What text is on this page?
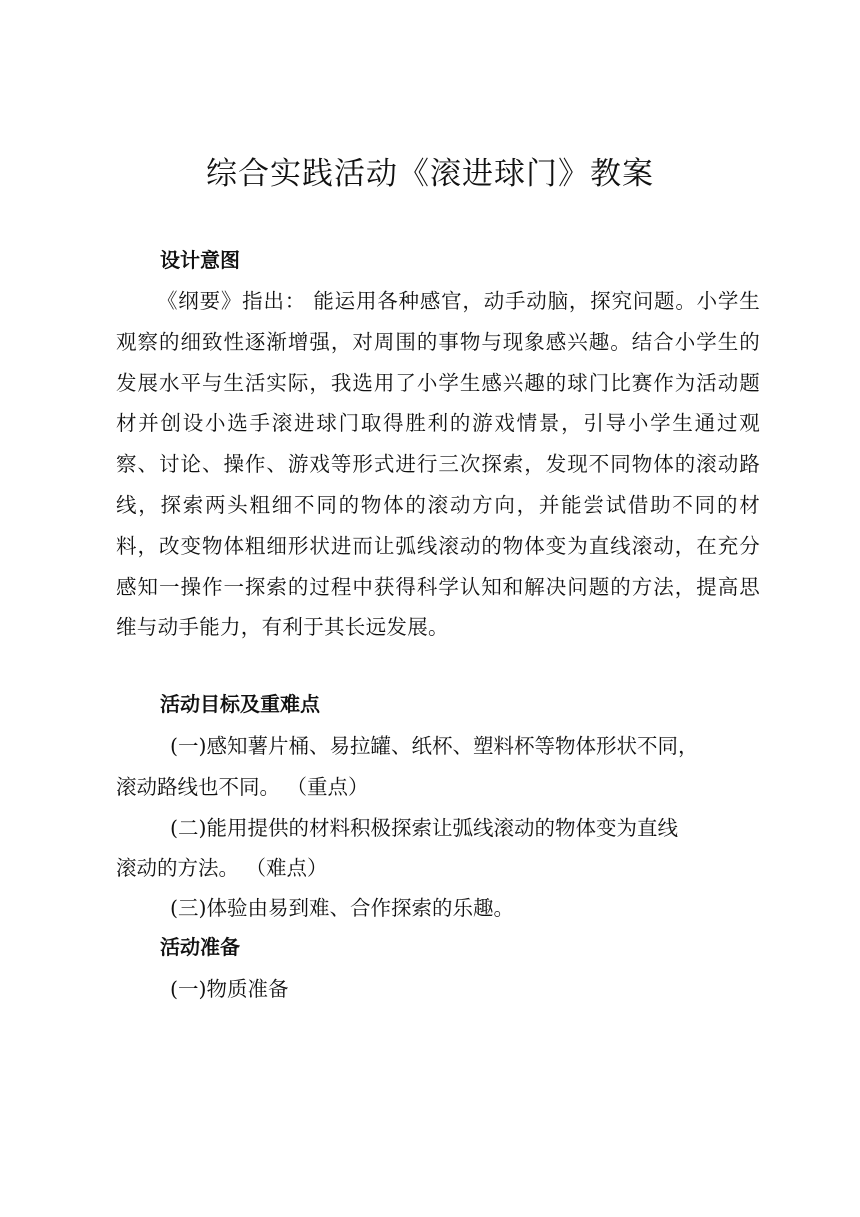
综合实践活动《滚进球门》教案
设计意图
《纲要》指出： 能运用各种感官，动手动脑，探究问题。小学生观察的细致性逐渐增强，对周围的事物与现象感兴趣。结合小学生的发展水平与生活实际，我选用了小学生感兴趣的球门比赛作为活动题材并创设小选手滚进球门取得胜利的游戏情景，引导小学生通过观察、讨论、操作、游戏等形式进行三次探索，发现不同物体的滚动路线，探索两头粗细不同的物体的滚动方向，并能尝试借助不同的材料，改变物体粗细形状进而让弧线滚动的物体变为直线滚动，在充分感知一操作一探索的过程中获得科学认知和解决问题的方法，提高思维与动手能力，有利于其长远发展。
活动目标及重难点
(一)感知薯片桶、易拉罐、纸杯、塑料杯等物体形状不同，
滚动路线也不同。 （重点）
(二)能用提供的材料积极探索让弧线滚动的物体变为直线
滚动的方法。 （难点）
(三)体验由易到难、合作探索的乐趣。
活动准备
(一)物质准备
